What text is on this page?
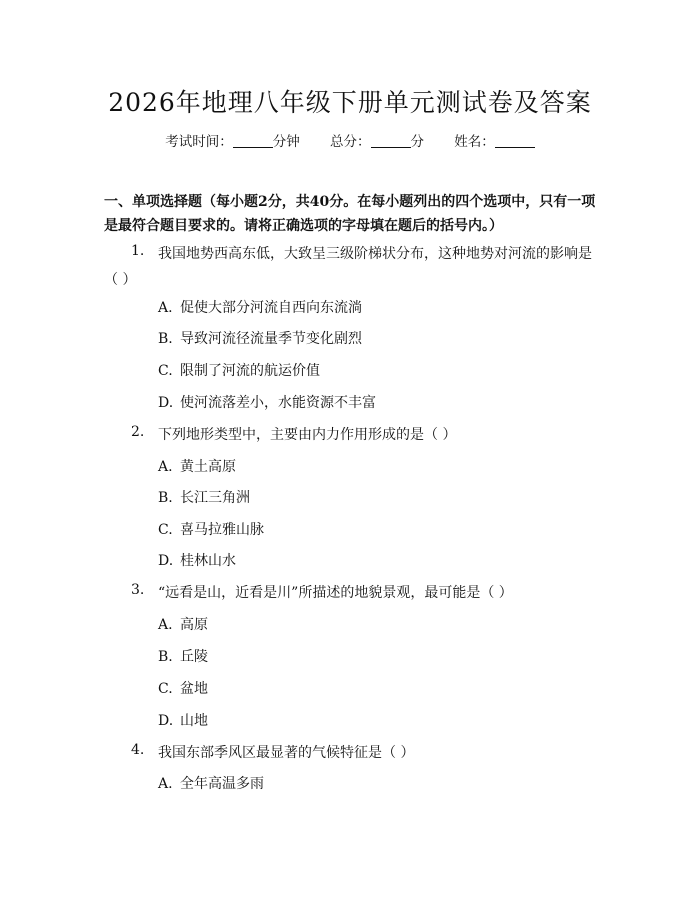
2026年地理八年级下册单元测试卷及答案
考试时间：	分钟 总分：	分 姓名：
一、单项选择题（每小题2分，共40分。在每小题列出的四个选项中，只有一项是最符合题目要求的。请将正确选项的字母填在题后的括号内。）
1. 我国地势西高东低，大致呈三级阶梯状分布，这种地势对河流的影响是
（ ）
A. 促使大部分河流自西向东流淌
B. 导致河流径流量季节变化剧烈
C. 限制了河流的航运价值
D. 使河流落差小，水能资源不丰富
2. 下列地形类型中，主要由内力作用形成的是（ ）
A. 黄土高原
B. 长江三角洲
C. 喜马拉雅山脉
D. 桂林山水
3. “远看是山，近看是川”所描述的地貌景观，最可能是（ ）
A. 高原
B. 丘陵
C. 盆地
D. 山地
4. 我国东部季风区最显著的气候特征是（ ）
A. 全年高温多雨
